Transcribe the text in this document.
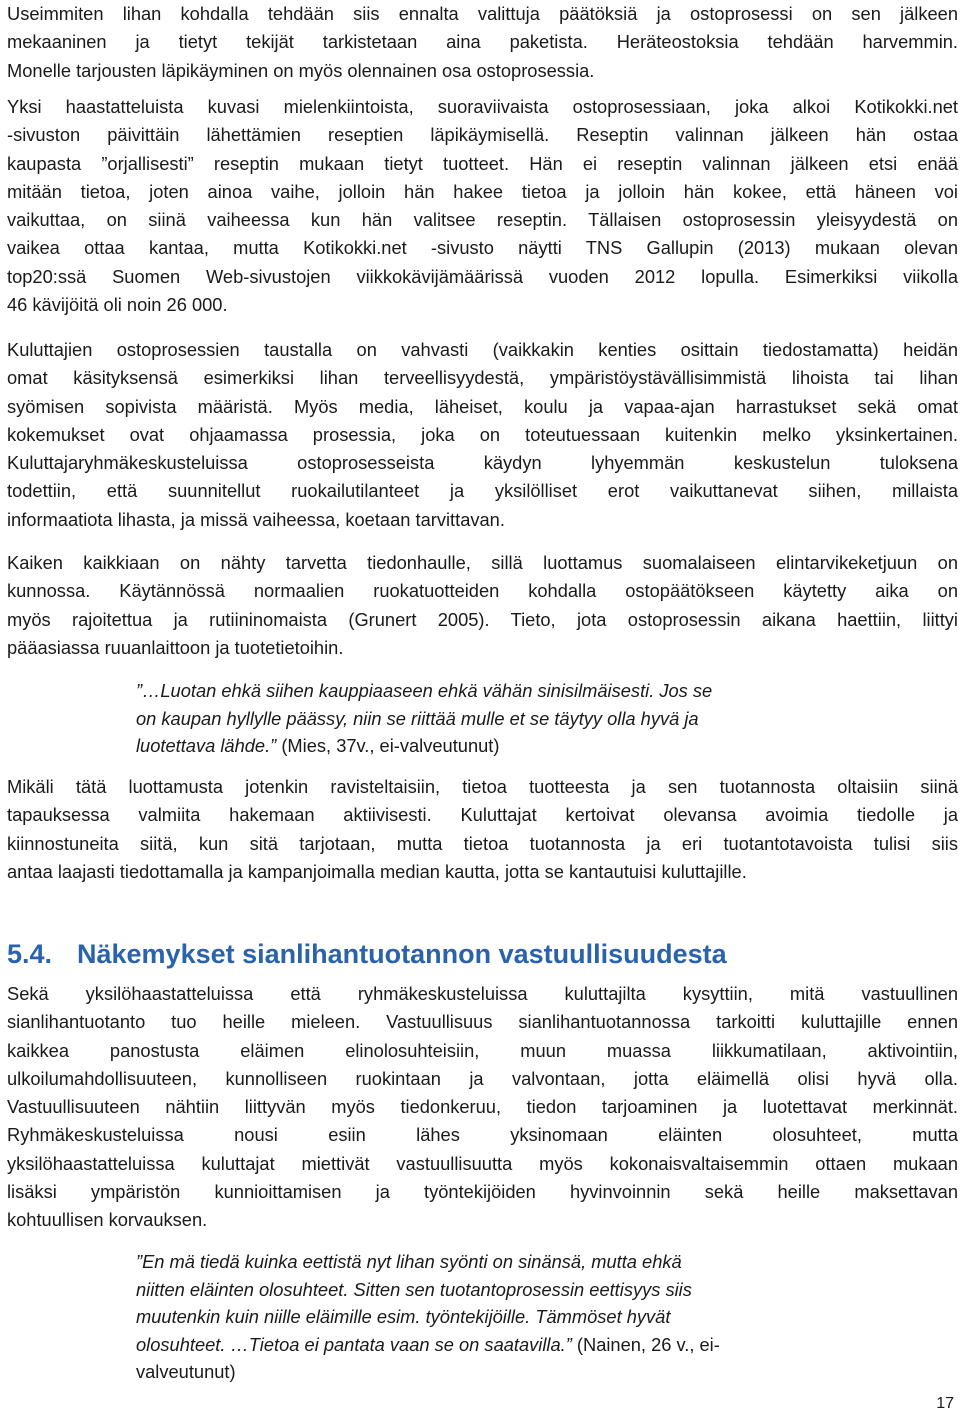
Useimmiten lihan kohdalla tehdään siis ennalta valittuja päätöksiä ja ostoprosessi on sen jälkeen
mekaaninen ja tietyt tekijät tarkistetaan aina paketista. Heräteostoksia tehdään harvemmin.
Monelle tarjousten läpikäyminen on myös olennainen osa ostoprosessia.
Yksi haastatteluista kuvasi mielenkiintoista, suoraviivaista ostoprosessiaan, joka alkoi Kotikokki.net
-sivuston päivittäin lähettämien reseptien läpikäymisellä. Reseptin valinnan jälkeen hän ostaa
kaupasta ”orjallisesti” reseptin mukaan tietyt tuotteet. Hän ei reseptin valinnan jälkeen etsi enää
mitään tietoa, joten ainoa vaihe, jolloin hän hakee tietoa ja jolloin hän kokee, että häneen voi
vaikuttaa, on siinä vaiheessa kun hän valitsee reseptin. Tällaisen ostoprosessin yleisyydestä on
vaikea ottaa kantaa, mutta Kotikokki.net -sivusto näytti TNS Gallupin (2013) mukaan olevan
top20:ssä Suomen Web-sivustojen viikkokävijämäärissä vuoden 2012 lopulla. Esimerkiksi viikolla
46 kävijöitä oli noin 26 000.
Kuluttajien ostoprosessien taustalla on vahvasti (vaikkakin kenties osittain tiedostamatta) heidän
omat käsityksensä esimerkiksi lihan terveellisyydestä, ympäristöystävällisimmistä lihoista tai lihan
syömisen sopivista määristä. Myös media, läheiset, koulu ja vapaa-ajan harrastukset sekä omat
kokemukset ovat ohjaamassa prosessia, joka on toteutuessaan kuitenkin melko yksinkertainen.
Kuluttajaryhmäkeskusteluissa ostoprosesseista käydyn lyhyemmän keskustelun tuloksena
todettiin, että suunnitellut ruokailutilanteet ja yksilölliset erot vaikuttanevat siihen, millaista
informaatiota lihasta, ja missä vaiheessa, koetaan tarvittavan.
Kaiken kaikkiaan on nähty tarvetta tiedonhaulle, sillä luottamus suomalaiseen elintarvikeketjuun on
kunnossa. Käytännössä normaalien ruokatuotteiden kohdalla ostopäätökseen käytetty aika on
myös rajoitettua ja rutiininomaista (Grunert 2005). Tieto, jota ostoprosessin aikana haettiin, liittyi
pääasiassa ruuanlaittoon ja tuotetietoihin.
Mikäli tätä luottamusta jotenkin ravisteltaisiin, tietoa tuotteesta ja sen tuotannosta oltaisiin siinä
tapauksessa valmiita hakemaan aktiivisesti. Kuluttajat kertoivat olevansa avoimia tiedolle ja
kiinnostuneita siitä, kun sitä tarjotaan, mutta tietoa tuotannosta ja eri tuotantotavoista tulisi siis
antaa laajasti tiedottamalla ja kampanjoimalla median kautta, jotta se kantautuisi kuluttajille.
Sekä yksilöhaastatteluissa että ryhmäkeskusteluissa kuluttajilta kysyttiin, mitä vastuullinen
sianlihantuotanto tuo heille mieleen. Vastuullisuus sianlihantuotannossa tarkoitti kuluttajille ennen
kaikkea panostusta eläimen elinolosuhteisiin, muun muassa liikkumatilaan, aktivointiin,
ulkoilumahdollisuuteen, kunnolliseen ruokintaan ja valvontaan, jotta eläimellä olisi hyvä olla.
Vastuullisuuteen nähtiin liittyvän myös tiedonkeruu, tiedon tarjoaminen ja luotettavat merkinnät.
Ryhmäkeskusteluissa nousi esiin lähes yksinomaan eläinten olosuhteet, mutta
yksilöhaastatteluissa kuluttajat miettivät vastuullisuutta myös kokonaisvaltaisemmin ottaen mukaan
lisäksi ympäristön kunnioittamisen ja työntekijöiden hyvinvoinnin sekä heille maksettavan
kohtuullisen korvauksen.
”…Luotan ehkä siihen kauppiaaseen ehkä vähän sinisilmäisesti. Jos se
on kaupan hyllylle päässy, niin se riittää mulle et se täytyy olla hyvä ja
luotettava lähde.” (Mies, 37v., ei-valveutunut)
5.4. Näkemykset sianlihantuotannon vastuullisuudesta
”En mä tiedä kuinka eettistä nyt lihan syönti on sinänsä, mutta ehkä
niitten eläinten olosuhteet. Sitten sen tuotantoprosessin eettisyys siis
muutenkin kuin niille eläimille esim. työntekijöille. Tämmöset hyvät
olosuhteet. …Tietoa ei pantata vaan se on saatavilla.” (Nainen, 26 v., ei-
valveutunut)
17
